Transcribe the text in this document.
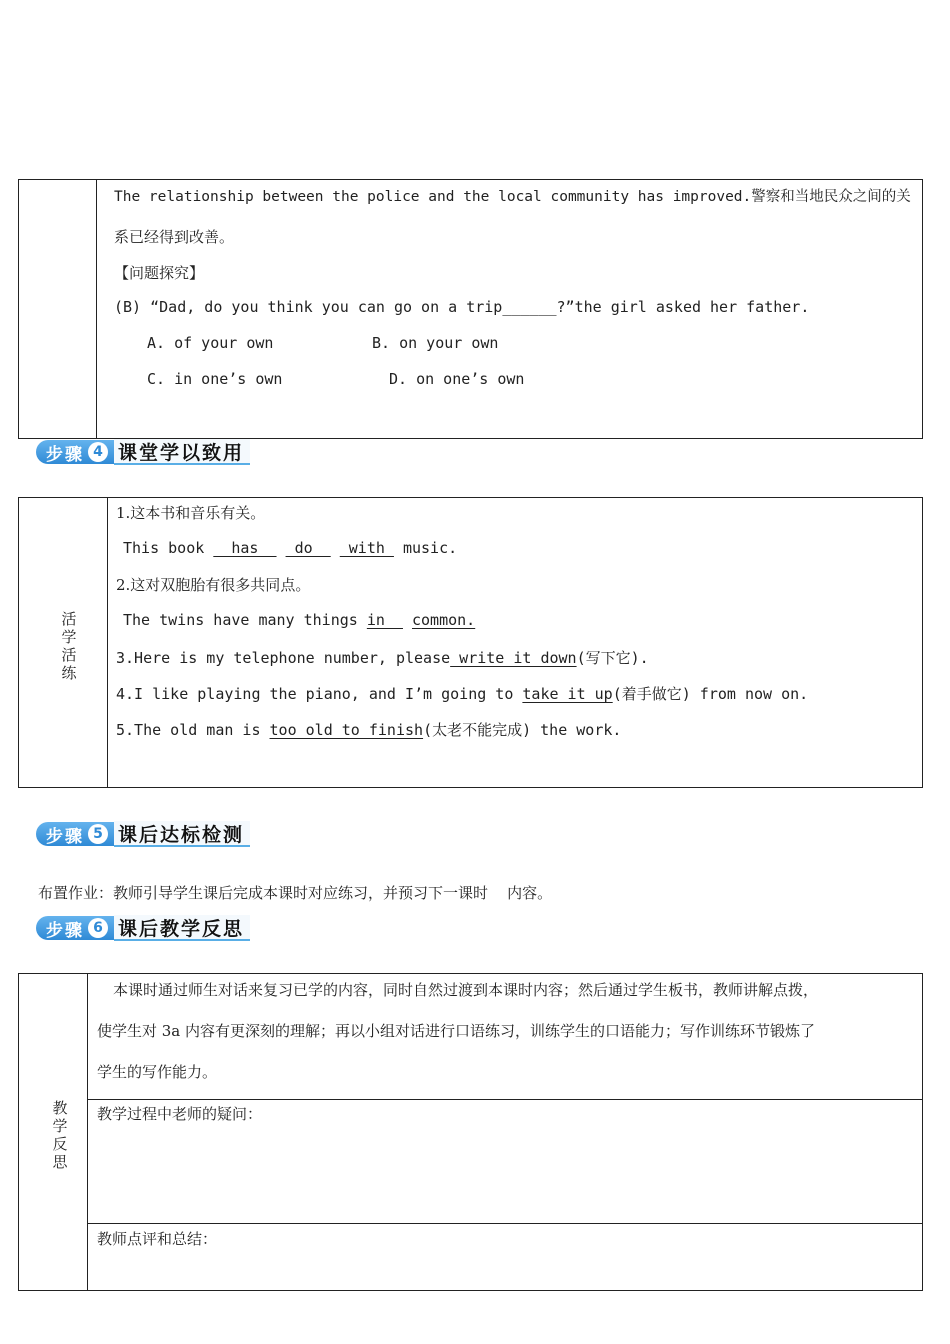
The relationship between the police and the local community has improved.警察和当地民众之间的关
系已经得到改善。
【问题探究】
(B) “Dad, do you think you can go on a trip______?”the girl asked her father.
A. of your own	B. on your own
C. in one’s own	D. on one’s own
步骤 4 课堂学以致用
活
学
活
练
1.这本书和音乐有关。
This book   has    do    with  music.
2.这对双胞胎有很多共同点。
The twins have many things in   common.
3.Here is my telephone number, please write it down(写下它).
4.I like playing the piano, and I’m going to take it up(着手做它) from now on.
5.The old man is too old to finish(太老不能完成) the work.
步骤 5 课后达标检测
布置作业：教师引导学生课后完成本课时对应练习，并预习下一课时    内容。
步骤 6 课后教学反思
教
学
反
思
本课时通过师生对话来复习已学的内容，同时自然过渡到本课时内容；然后通过学生板书，教师讲解点拨，
使学生对 3a 内容有更深刻的理解；再以小组对话进行口语练习，训练学生的口语能力；写作训练环节锻炼了
学生的写作能力。
教学过程中老师的疑问：
教师点评和总结：
